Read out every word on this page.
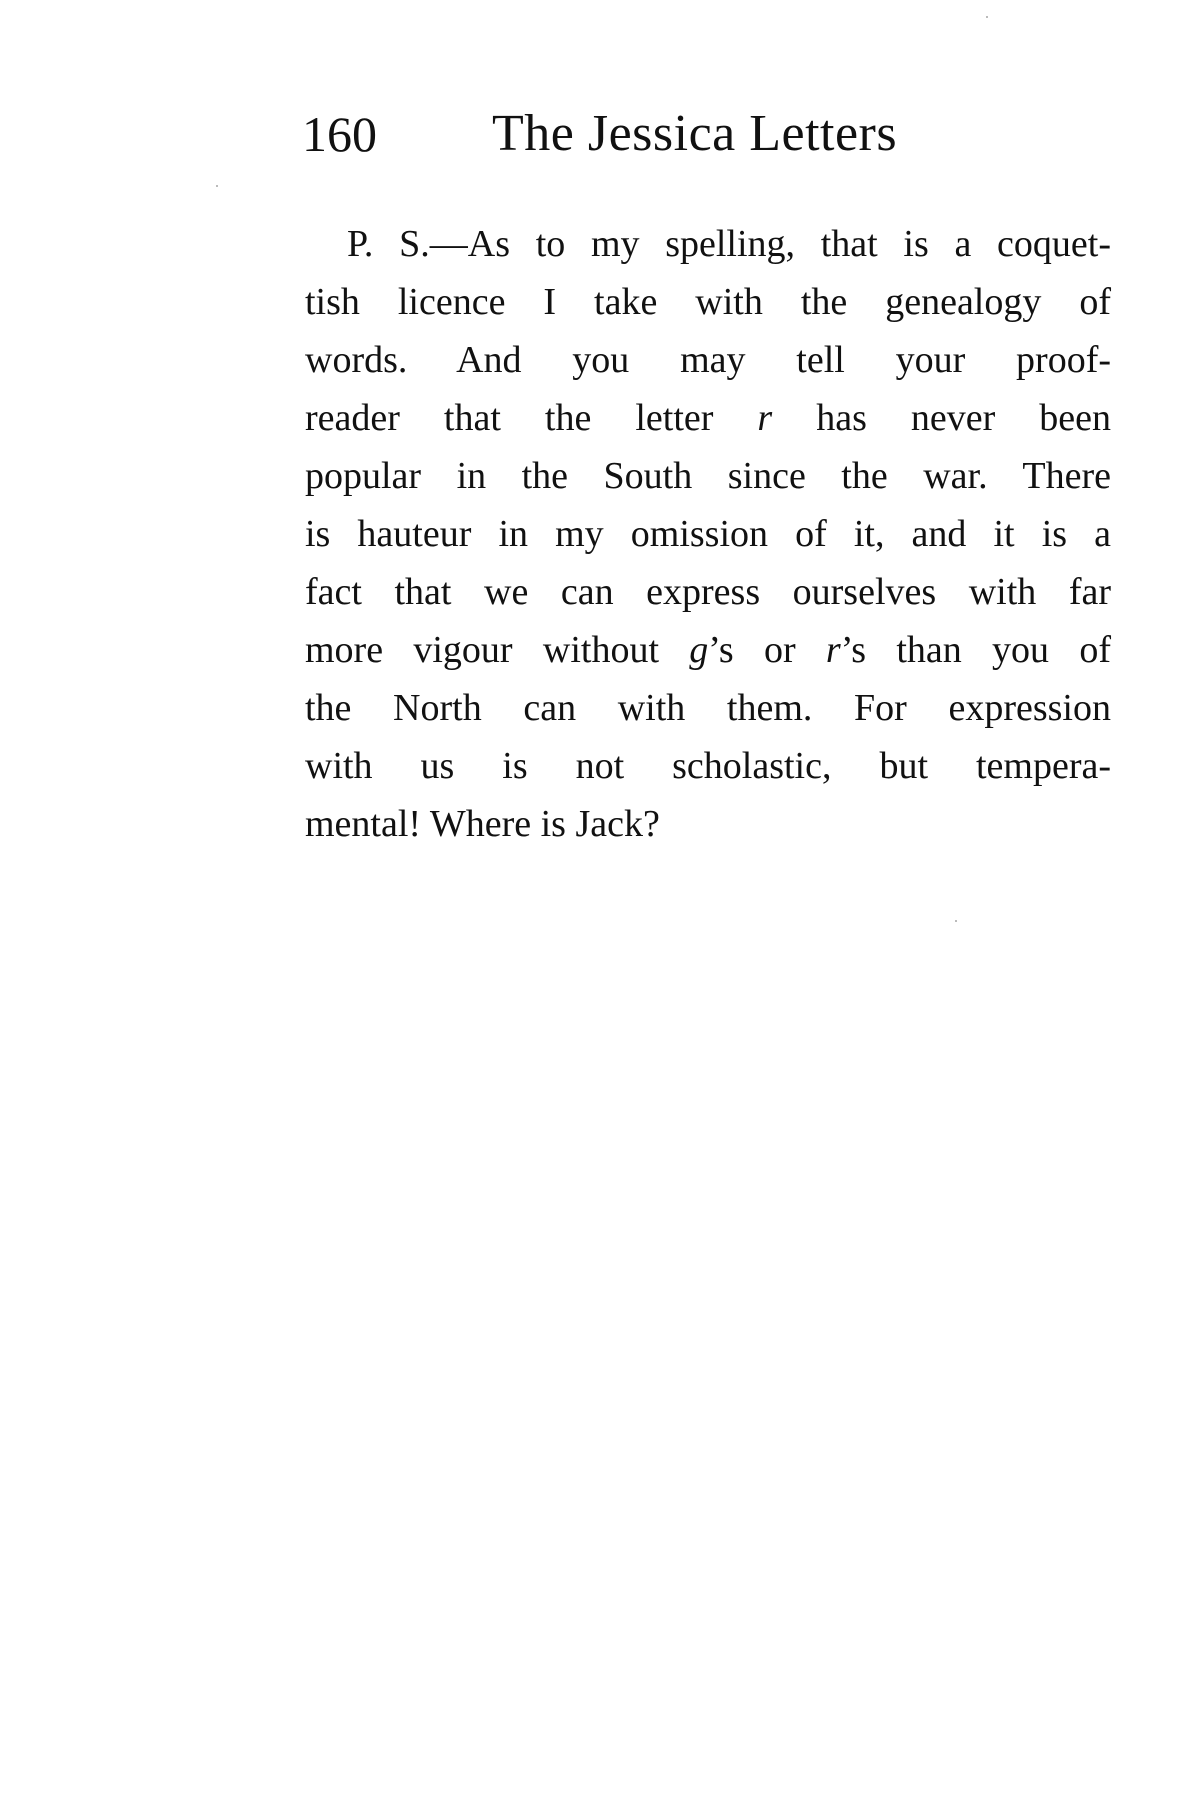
160 The Jessica Letters
P. S.—As to my spelling, that is a coquet-
tish licence I take with the genealogy of
words. And you may tell your proof-
reader that the letter r has never been
popular in the South since the war. There
is hauteur in my omission of it, and it is a
fact that we can express ourselves with far
more vigour without g’s or r’s than you of
the North can with them. For expression
with us is not scholastic, but tempera-
mental! Where is Jack?
